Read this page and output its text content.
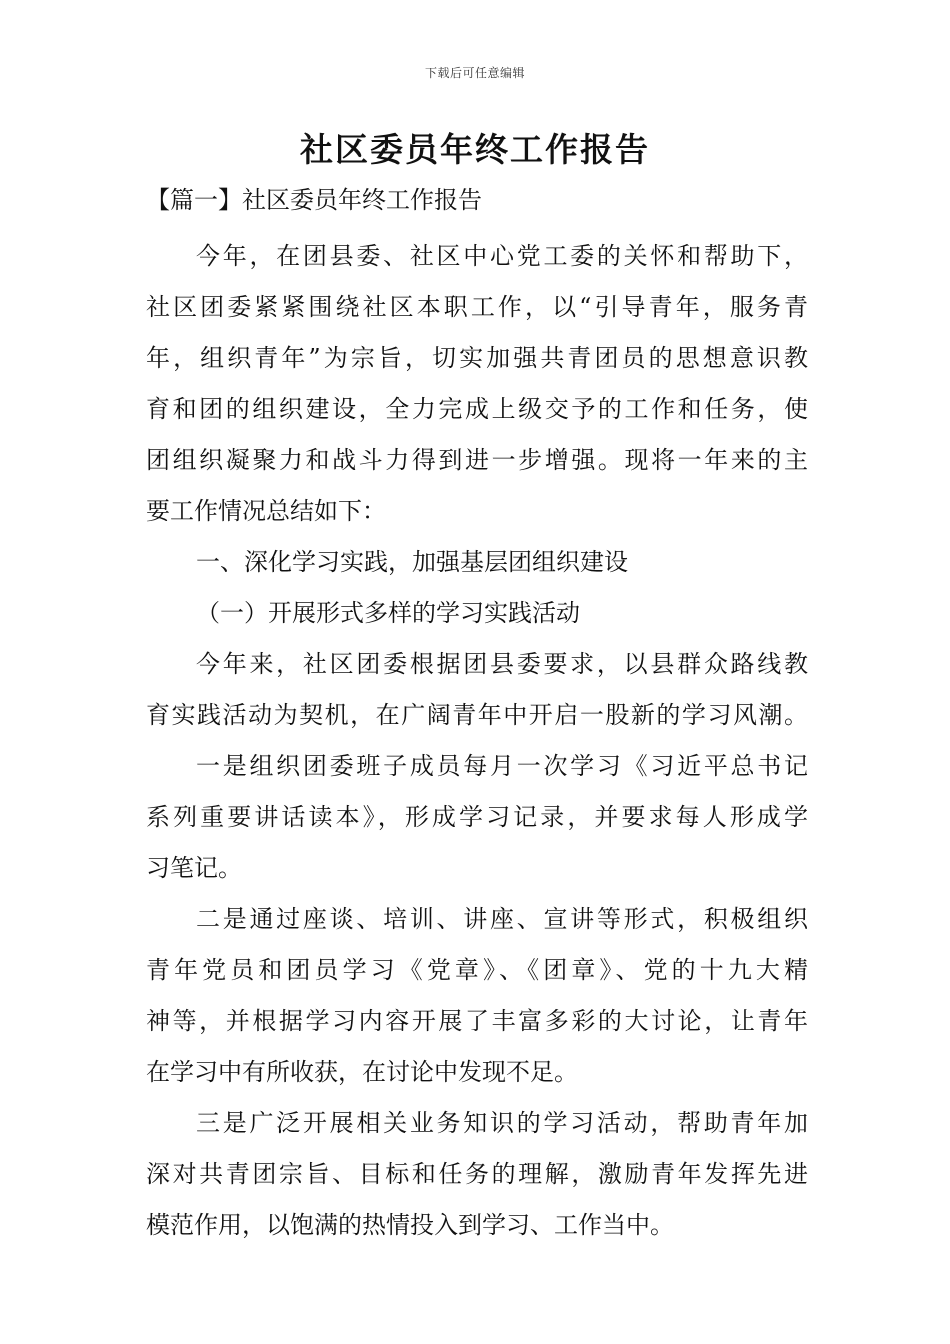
下载后可任意编辑
社区委员年终工作报告
【篇一】社区委员年终工作报告
今年，在团县委、社区中心党工委的关怀和帮助下，
社区团委紧紧围绕社区本职工作，以“引导青年，服务青
年，组织青年”为宗旨，切实加强共青团员的思想意识教
育和团的组织建设，全力完成上级交予的工作和任务，使
团组织凝聚力和战斗力得到进一步增强。现将一年来的主
要工作情况总结如下：
一、深化学习实践，加强基层团组织建设
（一）开展形式多样的学习实践活动
今年来，社区团委根据团县委要求，以县群众路线教
育实践活动为契机，在广阔青年中开启一股新的学习风潮。
一是组织团委班子成员每月一次学习《习近平总书记
系列重要讲话读本》，形成学习记录，并要求每人形成学
习笔记。
二是通过座谈、培训、讲座、宣讲等形式，积极组织
青年党员和团员学习《党章》、《团章》、党的十九大精
神等，并根据学习内容开展了丰富多彩的大讨论，让青年
在学习中有所收获，在讨论中发现不足。
三是广泛开展相关业务知识的学习活动，帮助青年加
深对共青团宗旨、目标和任务的理解，激励青年发挥先进
模范作用，以饱满的热情投入到学习、工作当中。
